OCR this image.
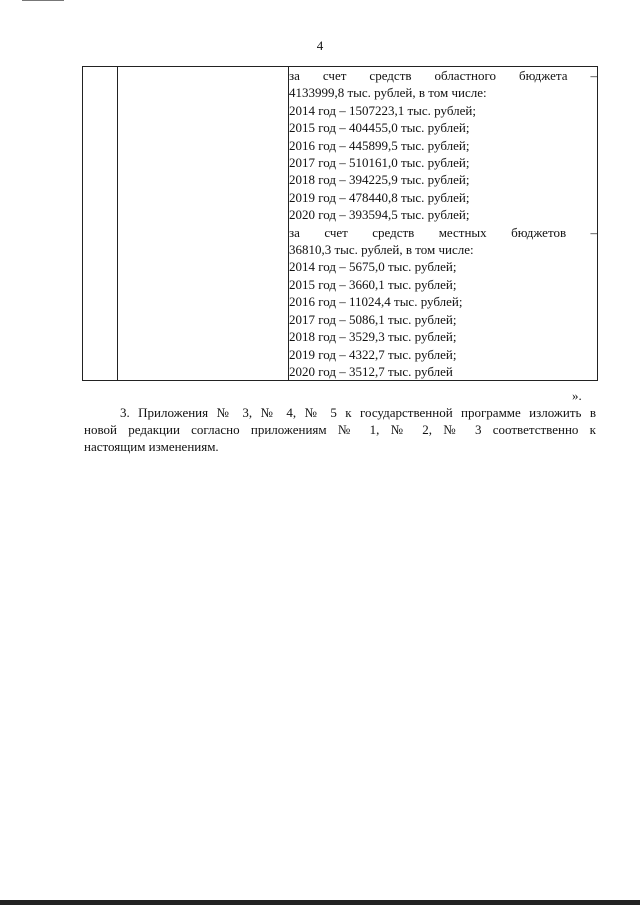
4

за счет средств областного бюджета –
4133999,8 тыс. рублей, в том числе:
2014 год – 1507223,1 тыс. рублей;
2015 год – 404455,0 тыс. рублей;
2016 год – 445899,5 тыс. рублей;
2017 год – 510161,0 тыс. рублей;
2018 год – 394225,9 тыс. рублей;
2019 год – 478440,8 тыс. рублей;
2020 год – 393594,5 тыс. рублей;
за счет средств местных бюджетов –
36810,3 тыс. рублей, в том числе:
2014 год – 5675,0 тыс. рублей;
2015 год – 3660,1 тыс. рублей;
2016 год – 11024,4 тыс. рублей;
2017 год – 5086,1 тыс. рублей;
2018 год – 3529,3 тыс. рублей;
2019 год – 4322,7 тыс. рублей;
2020 год – 3512,7 тыс. рублей
».
3. Приложения № 3, № 4, № 5 к государственной программе изложить в
новой редакции согласно приложениям № 1, № 2, № 3 соответственно к
настоящим изменениям.
